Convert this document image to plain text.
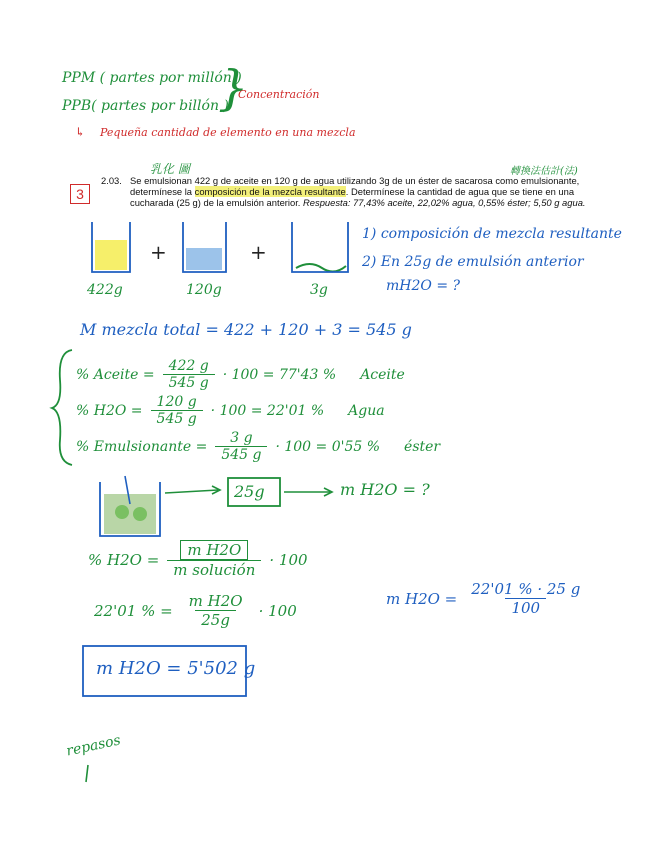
PPM ( partes por millón )
PPB( partes por billón )
}
Concentración
↳ Pequeña cantidad de elemento en una mezcla
乳化 圖	轉換法估計(法)
3
2.03. Se emulsionan 422 g de aceite en 120 g de agua utilizando 3g de un éster de sacarosa como emulsionante,
determínese la composición de la mezcla resultante. Determínese la cantidad de agua que se tiene en una
cucharada (25 g) de la emulsión anterior. Respuesta: 77,43% aceite, 22,02% agua, 0,55% éster; 5,50 g agua.
422g
+
120g
+
3g
1) composición de mezcla resultante
2) En 25g de emulsión anterior
mH2O = ?
M mezcla total = 422 + 120 + 3 = 545 g
% Aceite = $\frac{422 g}{545 g} \cdot 100 = 77'43$ % Aceite
% $H2O = \frac{120 g}{545 g} \cdot 100 = 22'01$ % Agua
% Emulsionante = $\frac{3 g}{545 g} \cdot 100 = 0'55$ % éster
25g	m H2O = ?
% $H2O = \frac{\text{m H2O}}{\text{m solución}} \cdot 100$
22'01 % = $\frac{\text{m H2O}}{25g} \cdot 100$
m $H2O = \frac{22'01 \% \cdot 25 g}{100}$
m H2O = 5'502 g
repasos
